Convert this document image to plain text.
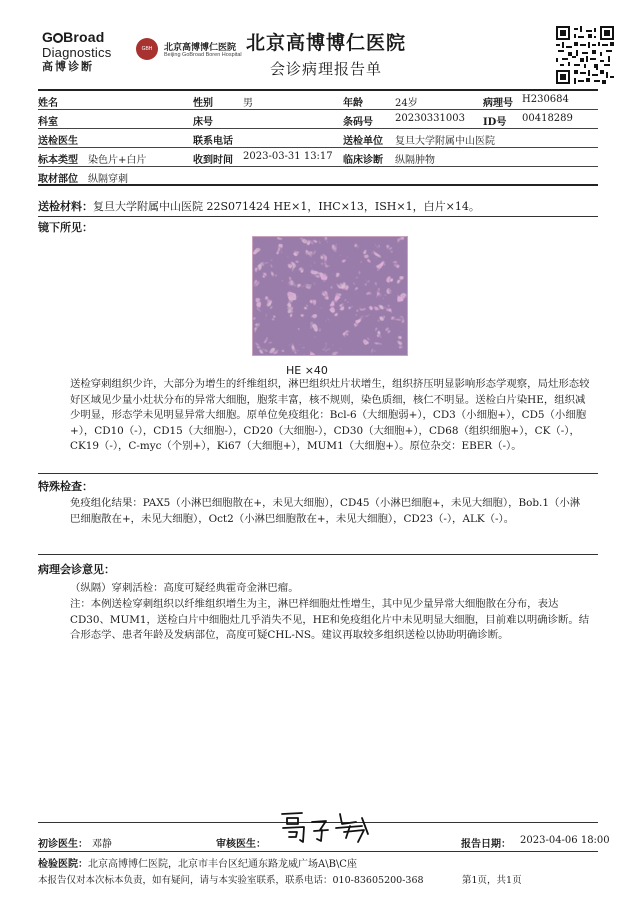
G Broad
Diagnostics
高博诊断
GBH	北京高博博仁医院
Beijing GoBroad Boren Hospital
北京高博博仁医院
会诊病理报告单
姓名	性别	男	年龄	24岁	病理号 H230684
科室	床号	条码号 20230331003 ID号 00418289
送检医生	联系电话	送检单位 复旦大学附属中山医院
标本类型 染色片+白片	收到时间 2023-03-31 13:17 临床诊断 纵隔肿物
取材部位 纵隔穿刺
送检材料：复旦大学附属中山医院 22S071424 HE×1，IHC×13，ISH×1，白片×14。
镜下所见：
HE ×40
送检穿刺组织少许，大部分为增生的纤维组织，淋巴组织灶片状增生，组织挤压明显影响形态学观察，局灶形态较好区域见少量小灶状分布的异常大细胞，胞浆丰富，核不规则，染色质细，核仁不明显。送检白片染HE，组织减少明显，形态学未见明显异常大细胞。原单位免疫组化：Bcl-6（大细胞弱+），CD3（小细胞+），CD5（小细胞+），CD10（-），CD15（大细胞-），CD20（大细胞-），CD30（大细胞+），CD68（组织细胞+），CK（-），CK19（-），C-myc（个别+），Ki67（大细胞+），MUM1（大细胞+）。原位杂交：EBER（-）。
特殊检查：
免疫组化结果：PAX5（小淋巴细胞散在+，未见大细胞），CD45（小淋巴细胞+，未见大细胞），Bob.1（小淋巴细胞散在+，未见大细胞），Oct2（小淋巴细胞散在+，未见大细胞），CD23（-），ALK（-）。
病理会诊意见：
（纵隔）穿刺活检：高度可疑经典霍奇金淋巴瘤。
注：本例送检穿刺组织以纤维组织增生为主，淋巴样细胞灶性增生，其中见少量异常大细胞散在分布，表达CD30、MUM1，送检白片中细胞灶几乎消失不见，HE和免疫组化片中未见明显大细胞，目前难以明确诊断。结合形态学、患者年龄及发病部位，高度可疑CHL-NS。建议再取较多组织送检以协助明确诊断。
初诊医生： 邓静	审核医生：	报告日期： 2023-04-06 18:00
检验医院：北京高博博仁医院，北京市丰台区纪通东路龙威广场A\B\C座
本报告仅对本次标本负责，如有疑问，请与本实验室联系，联系电话：010-83605200-368	第1页，共1页
